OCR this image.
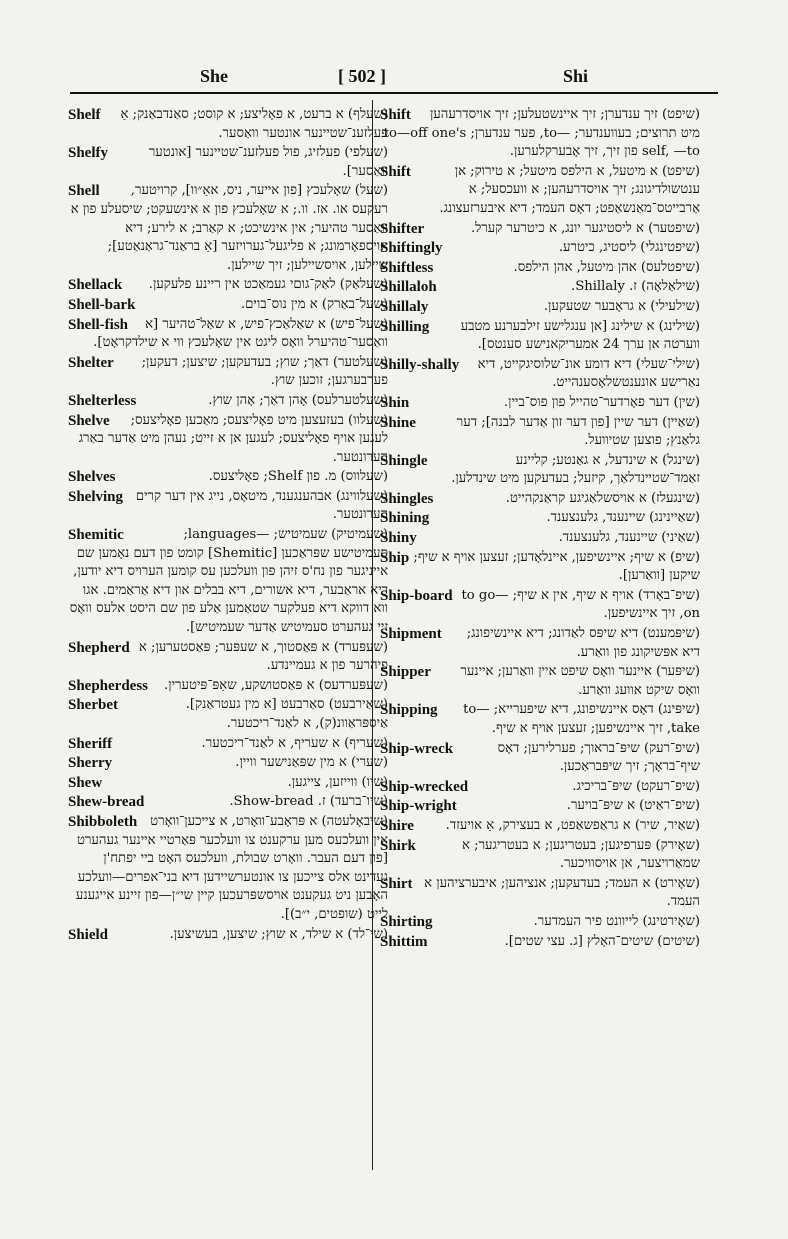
She	[ 502 ]	Shi
Shelf (שעלף) א ברעט, א פאָליצע; א קוסט; סאַנדבאַנק; אַ פעלזענ־שטיינער אונטער וואַסער.
Shelfy	(שעלפי) פעלזיג, פול פעלזענ־שטיינער [אונטער וואַסער].
Shell (שעל) שאָלעכץ [פון אייער, ניס, אאַ״וו], קרויטער, רעקעס או. אז. וו.; א שאָלעכץ פון א אינשעקט; שיסעלע פון א וואַסער טהיער; אין אינשיכט; א קאַרב; א לירע; דיא אויספאָרמונג; א פליגעל־גערויזער [אַ בראַנד־גראַנאַטע]; שיילען, אויסשיילען; זיך שיילען.
Shellack (שעלאַק) לאַק־גוםי געמאַכט אין ריינע פלעקען.
Shell-bark	(שעל־באַרק) א מין נוס־בוים.
Shell-fish (שעל־פיש) א שאַלאַכץ־פיש, א שאַל־טהיער [א וואַסער־טהיערל וואָס ליגט אין שאָלעכץ ווי א שילדקראָט].
Shelter (שעלטער) דאַך; שוץ; בעדעקען; שיצען; דעקען; פערבערגען; זוכען שוץ.
Shelterless	(שעלטערלעס) אָהן דאַך; אָהן שוץ.
Shelve (שעלוו) בעזעצען מיט פאָליצעס; מאַכען פאָליצעס; לעגען אויף פאָליצעס; לעגען אן א זייט; נעהן מיט אַדער באַרג הערונטער.
Shelves	(שעלווס) מ. פון Shelf; פאָליצעס.
Shelving (שעלווינג) אבהענגענד, מיטאָס, נייג אין דער קרים הערונטער.
Shemitic	(שעמיטיק) שעמיטיש; —languages; סעמיטישע שפּראַכען [Shemitic] קומט פון דעם נאָמען שם אייניגער פון נח'ס זיהן פון וועלכען עס קומען הערויס דיא יודען, דיא אראַבער, דיא אשורים, דיא בבלים און דיא אַראַמים. אגו ווא דווקא דיא פעלקער שטאַמען אַלע פון שם היסט אלעס וואָס זיי געהערט סעמיטיש אַדער שעמיטיש].
Shepherd (שעפּערד) א פּאַסטוך, א שעפּער; פּאַסטערען; א פיהרער פון א געמיינדע.
Shepherdess (שעפּערדעס) א פּאַסטושקע, שאַפּ־פּיטערין.
Sherbet	(שאַירבעט) סאַרבעט [א מין געטראַנק]. אַיספּראַוונ(ק), א לאַנד־ריכטער.
Sheriff	(שעריף) א שעריף, א לאַנד־ריכטער.
Sherry	(שערי) א מין שפּאַנישער וויין.
Shew	(שיו) ווייזען, צייגען.
Shew-bread	(שיו־ברעד) ז. Show-bread.
Shibboleth (שיבאָלעטה) א פּראָבע־וואָרט, א צייכען־וואָרט אין וועלכעס מען ערקענט צו וועלכער פּאַרטיי איינער געהערט [פון דעם העבר. וואָרט שבולת, וועלכעס האָט ביי יפתח'ן געדינט אלס צייכען צו אונטערשיידען דיא בני־אפרים—וועלכע האָבען ניט געקענט אויסשפּרעכען קיין שי״ן—פון זיינע אייגענע לייט (שופטים, י״ב)].
Shield	(שי־לד) א שילד, א שוץ; שיצען, בעשיצען.
Shift (שיפט) זיך ענדערן; זיך איינשטעלען; זיך אויסדרעהען מיט תרוצים; בעווענדער; —to, פער ענדערן; to—off one's self, —to פון זיך, זיך אָבערקלערען.
Shift	(שיפט) א מיטעל, א הילפס מיטעל; א טירוק; אן ענטשולדיגונג; זיך אויסדרעהען; א וועכסעל; א אַרבייטס־מאַנשאַפט; דאָס העמד; דיא איבערזעצונג.
Shifter	(שיפטער) א ליסטיגער יונג, א כיטרער קערל.
Shiftingly	(שיפטינגלי) ליסטיג, כיטרע.
Shiftless	(שיפטלעס) אהן מיטעל, אהן הילפס.
Shillaloh	(שילאַלאָה) ז. Shillaly.
Shillaly	(שילעילי) א גראָבער שטעקען.
Shilling (שילינג) א שילינג [אן ענגלישע זילבערנע מטבע ווערטה אן ערך 24 אמעריקאנישע סענטס].
Shilly-shally (שילי־שעלי) דיא דומע אונ־שלוסיגקייט, דיא נאַרישע אונענטשלאָסענהייט.
Shin	(שין) דער פאָרדער־טהייל פון פוס־ביין.
Shine	(שאַיין) דער שיין [פון דער זון אַדער לבנה]; דער גלאַנץ; פוצען שטיוועל.
Shingle	(שינגל) א שינדעל, א גאַנטע; קליינע זאַמד־שטיינדלאַך, קיזעל; בעדעקען מיט שינדלען.
Shingles	(שינגעלז) א אויסשלאַגיגע קראַנקהייט.
Shining	(שאַיינינג) שיינענד, גלענצענד.
Shiny	(שאַיני) שיינענד, גלענצענד.
Ship (שיפ) א שיף; איינשיפען, איינלאָדען; זעצען אויף א שיף; שיקען [וואַרען].
Ship-board (שיפ־באָרד) אויף א שיף, אין א שיף; —to go on, זיך איינשיפען.
Shipment (שיפּמענט) דיא שיפּס לאַדונג; דיא איינשיפונג; דיא אפּשיקונג פון וואַרע.
Shipper (שיפּער) איינער וואָס שיפט איין וואַרען; איינער וואָס שיקט אוועג וואַרע.
Shipping (שיפּינג) דאָס איינשיפונג, דיא שיפערייא; —to take, זיך איינשיפען; זעצען אויף א שיף.
Ship-wreck	(שיפ־רעק) שיפּ־בראוך; פערלירען; דאָס שיף־בראָך; זיך שיפּבראַכען.
Ship-wrecked	(שיפ־רעקט) שיפּ־בריכיג.
Ship-wright	(שיפ־ראַיט) א שיפּ־בויער.
Shire (שאַיר, שיר) א גראַפשאַפט, א בעצירק, אַ אויעזד.
Shirk	(שאָירק) פּערפיגען; בעטריגען; א בעטריגער; א שמאַרויצער, אן אויסוויכער.
Shirt (שאָירט) א העמד; בעדעקען; אנציהען; איבערציהען א העמד.
Shirting	(שאָירטינג) לייוונט פיר העמדער.
Shittim	(שיטים) שיטים־האָלץ [ג. עצי שטים].
